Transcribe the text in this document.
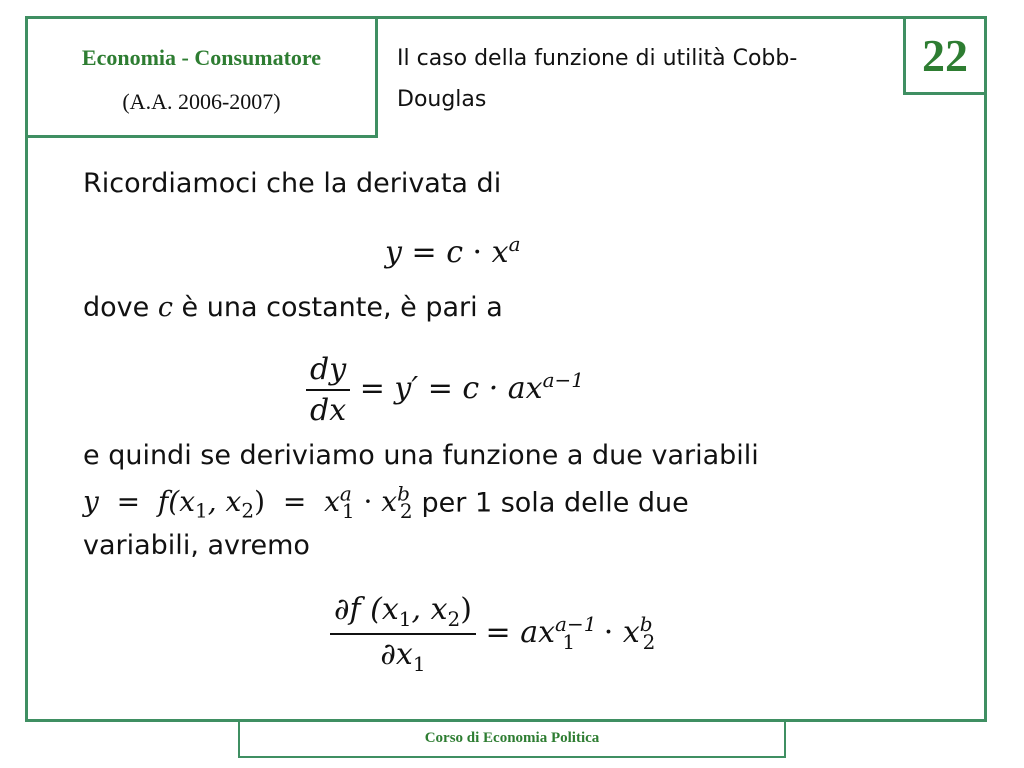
Economia - Consumatore
(A.A. 2006-2007)
Il caso della funzione di utilità Cobb-
Douglas
22
Ricordiamoci che la derivata di
$y = c \cdot x^a$
dove c è una costante, è pari a
$\frac{dy}{dx} = y' = c \cdot ax^{a-1}$
e quindi se deriviamo una funzione a due variabili
$y = f(x_1$, $x_2) = x^a_1 \cdot x^b_2$ per 1 sola delle due
variabili, avremo
$\frac{\partial f (x_1, x_2)}{\partial x_1} = ax^{a-1}_1 \cdot x^b_2$
Corso di Economia Politica
